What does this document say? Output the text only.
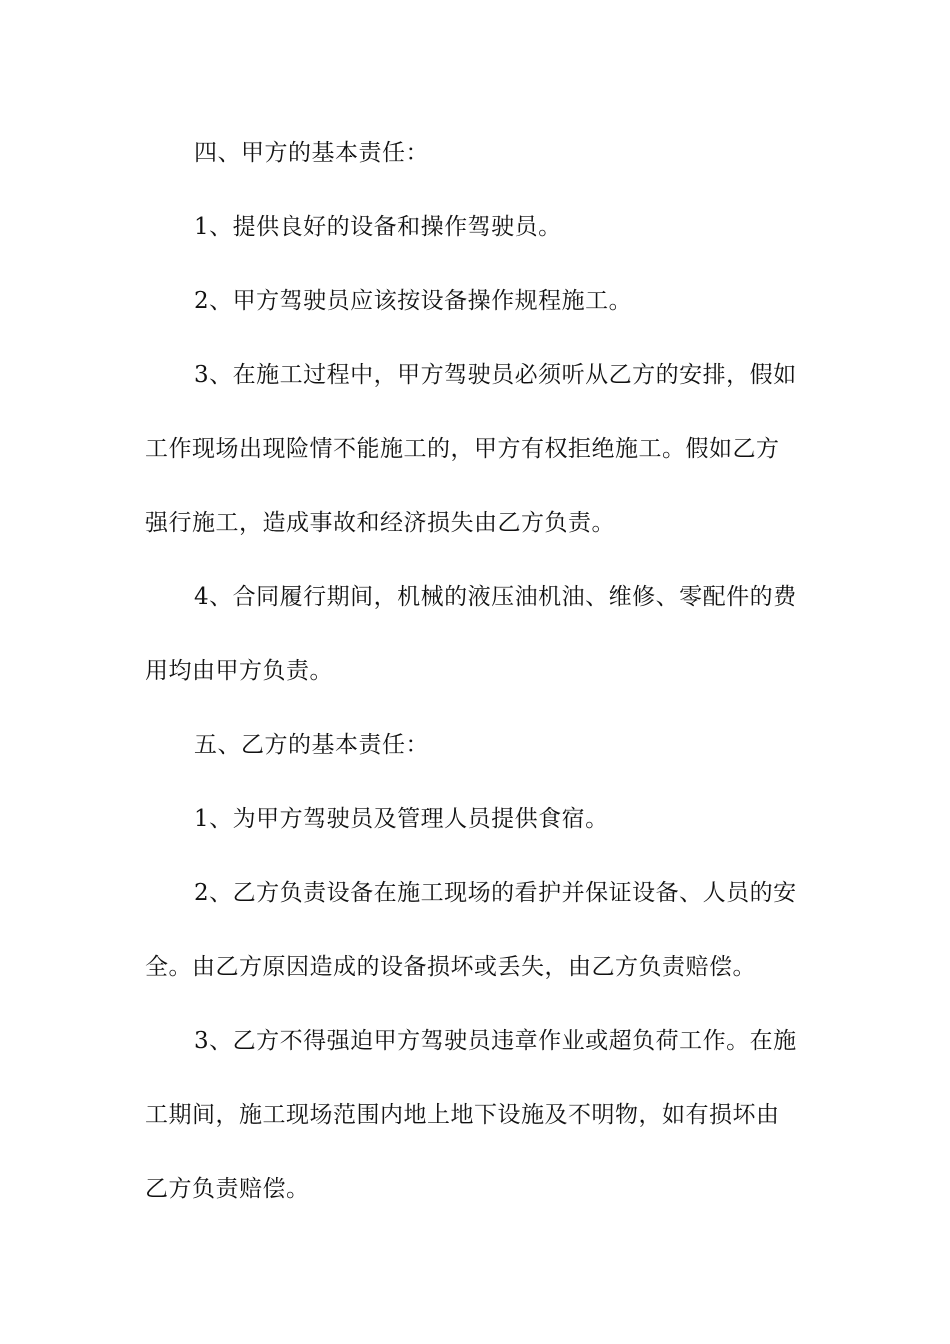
四、甲方的基本责任：

1、提供良好的设备和操作驾驶员。

2、甲方驾驶员应该按设备操作规程施工。

3、在施工过程中，甲方驾驶员必须听从乙方的安排，假如

工作现场出现险情不能施工的，甲方有权拒绝施工。假如乙方

强行施工，造成事故和经济损失由乙方负责。

4、合同履行期间，机械的液压油机油、维修、零配件的费

用均由甲方负责。

五、乙方的基本责任：

1、为甲方驾驶员及管理人员提供食宿。

2、乙方负责设备在施工现场的看护并保证设备、人员的安

全。由乙方原因造成的设备损坏或丢失，由乙方负责赔偿。

3、乙方不得强迫甲方驾驶员违章作业或超负荷工作。在施

工期间，施工现场范围内地上地下设施及不明物，如有损坏由

乙方负责赔偿。
